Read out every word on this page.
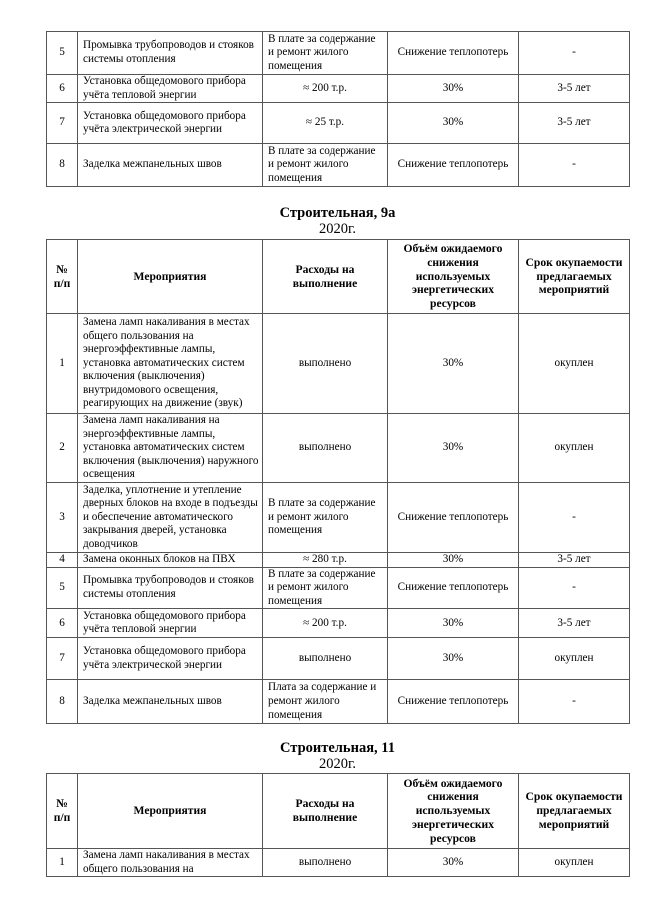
5	Промывка трубопроводов и стояков системы отопления	В плате за содержание и ремонт жилого помещения	Снижение теплопотерь	-
6	Установка общедомового прибора учёта тепловой энергии	≈ 200 т.р.	30%	3-5 лет
7	Установка общедомового прибора учёта электрической энергии	≈ 25 т.р.	30%	3-5 лет
8	Заделка межпанельных швов	В плате за содержание и ремонт жилого помещения	Снижение теплопотерь	-
Строительная, 9а
2020г.
№ п/п	Мероприятия	Расходы на выполнение	Объём ожидаемого снижения используемых энергетических ресурсов	Срок окупаемости предлагаемых мероприятий
1	Замена ламп накаливания в местах общего пользования на энергоэффективные лампы, установка автоматических систем включения (выключения) внутридомового освещения, реагирующих на движение (звук)	выполнено	30%	окуплен
2	Замена ламп накаливания на энергоэффективные лампы, установка автоматических систем включения (выключения) наружного освещения	выполнено	30%	окуплен
3	Заделка, уплотнение и утепление дверных блоков на входе в подъезды и обеспечение автоматического закрывания дверей, установка доводчиков	В плате за содержание и ремонт жилого помещения	Снижение теплопотерь	-
4	Замена оконных блоков на ПВХ	≈ 280 т.р.	30%	3-5 лет
5	Промывка трубопроводов и стояков системы отопления	В плате за содержание и ремонт жилого помещения	Снижение теплопотерь	-
6	Установка общедомового прибора учёта тепловой энергии	≈ 200 т.р.	30%	3-5 лет
7	Установка общедомового прибора учёта электрической энергии	выполнено	30%	окуплен
8	Заделка межпанельных швов	Плата за содержание и ремонт жилого помещения	Снижение теплопотерь	-
Строительная, 11
2020г.
№ п/п	Мероприятия	Расходы на выполнение	Объём ожидаемого снижения используемых энергетических ресурсов	Срок окупаемости предлагаемых мероприятий
1	Замена ламп накаливания в местах общего пользования на	выполнено	30%	окуплен
